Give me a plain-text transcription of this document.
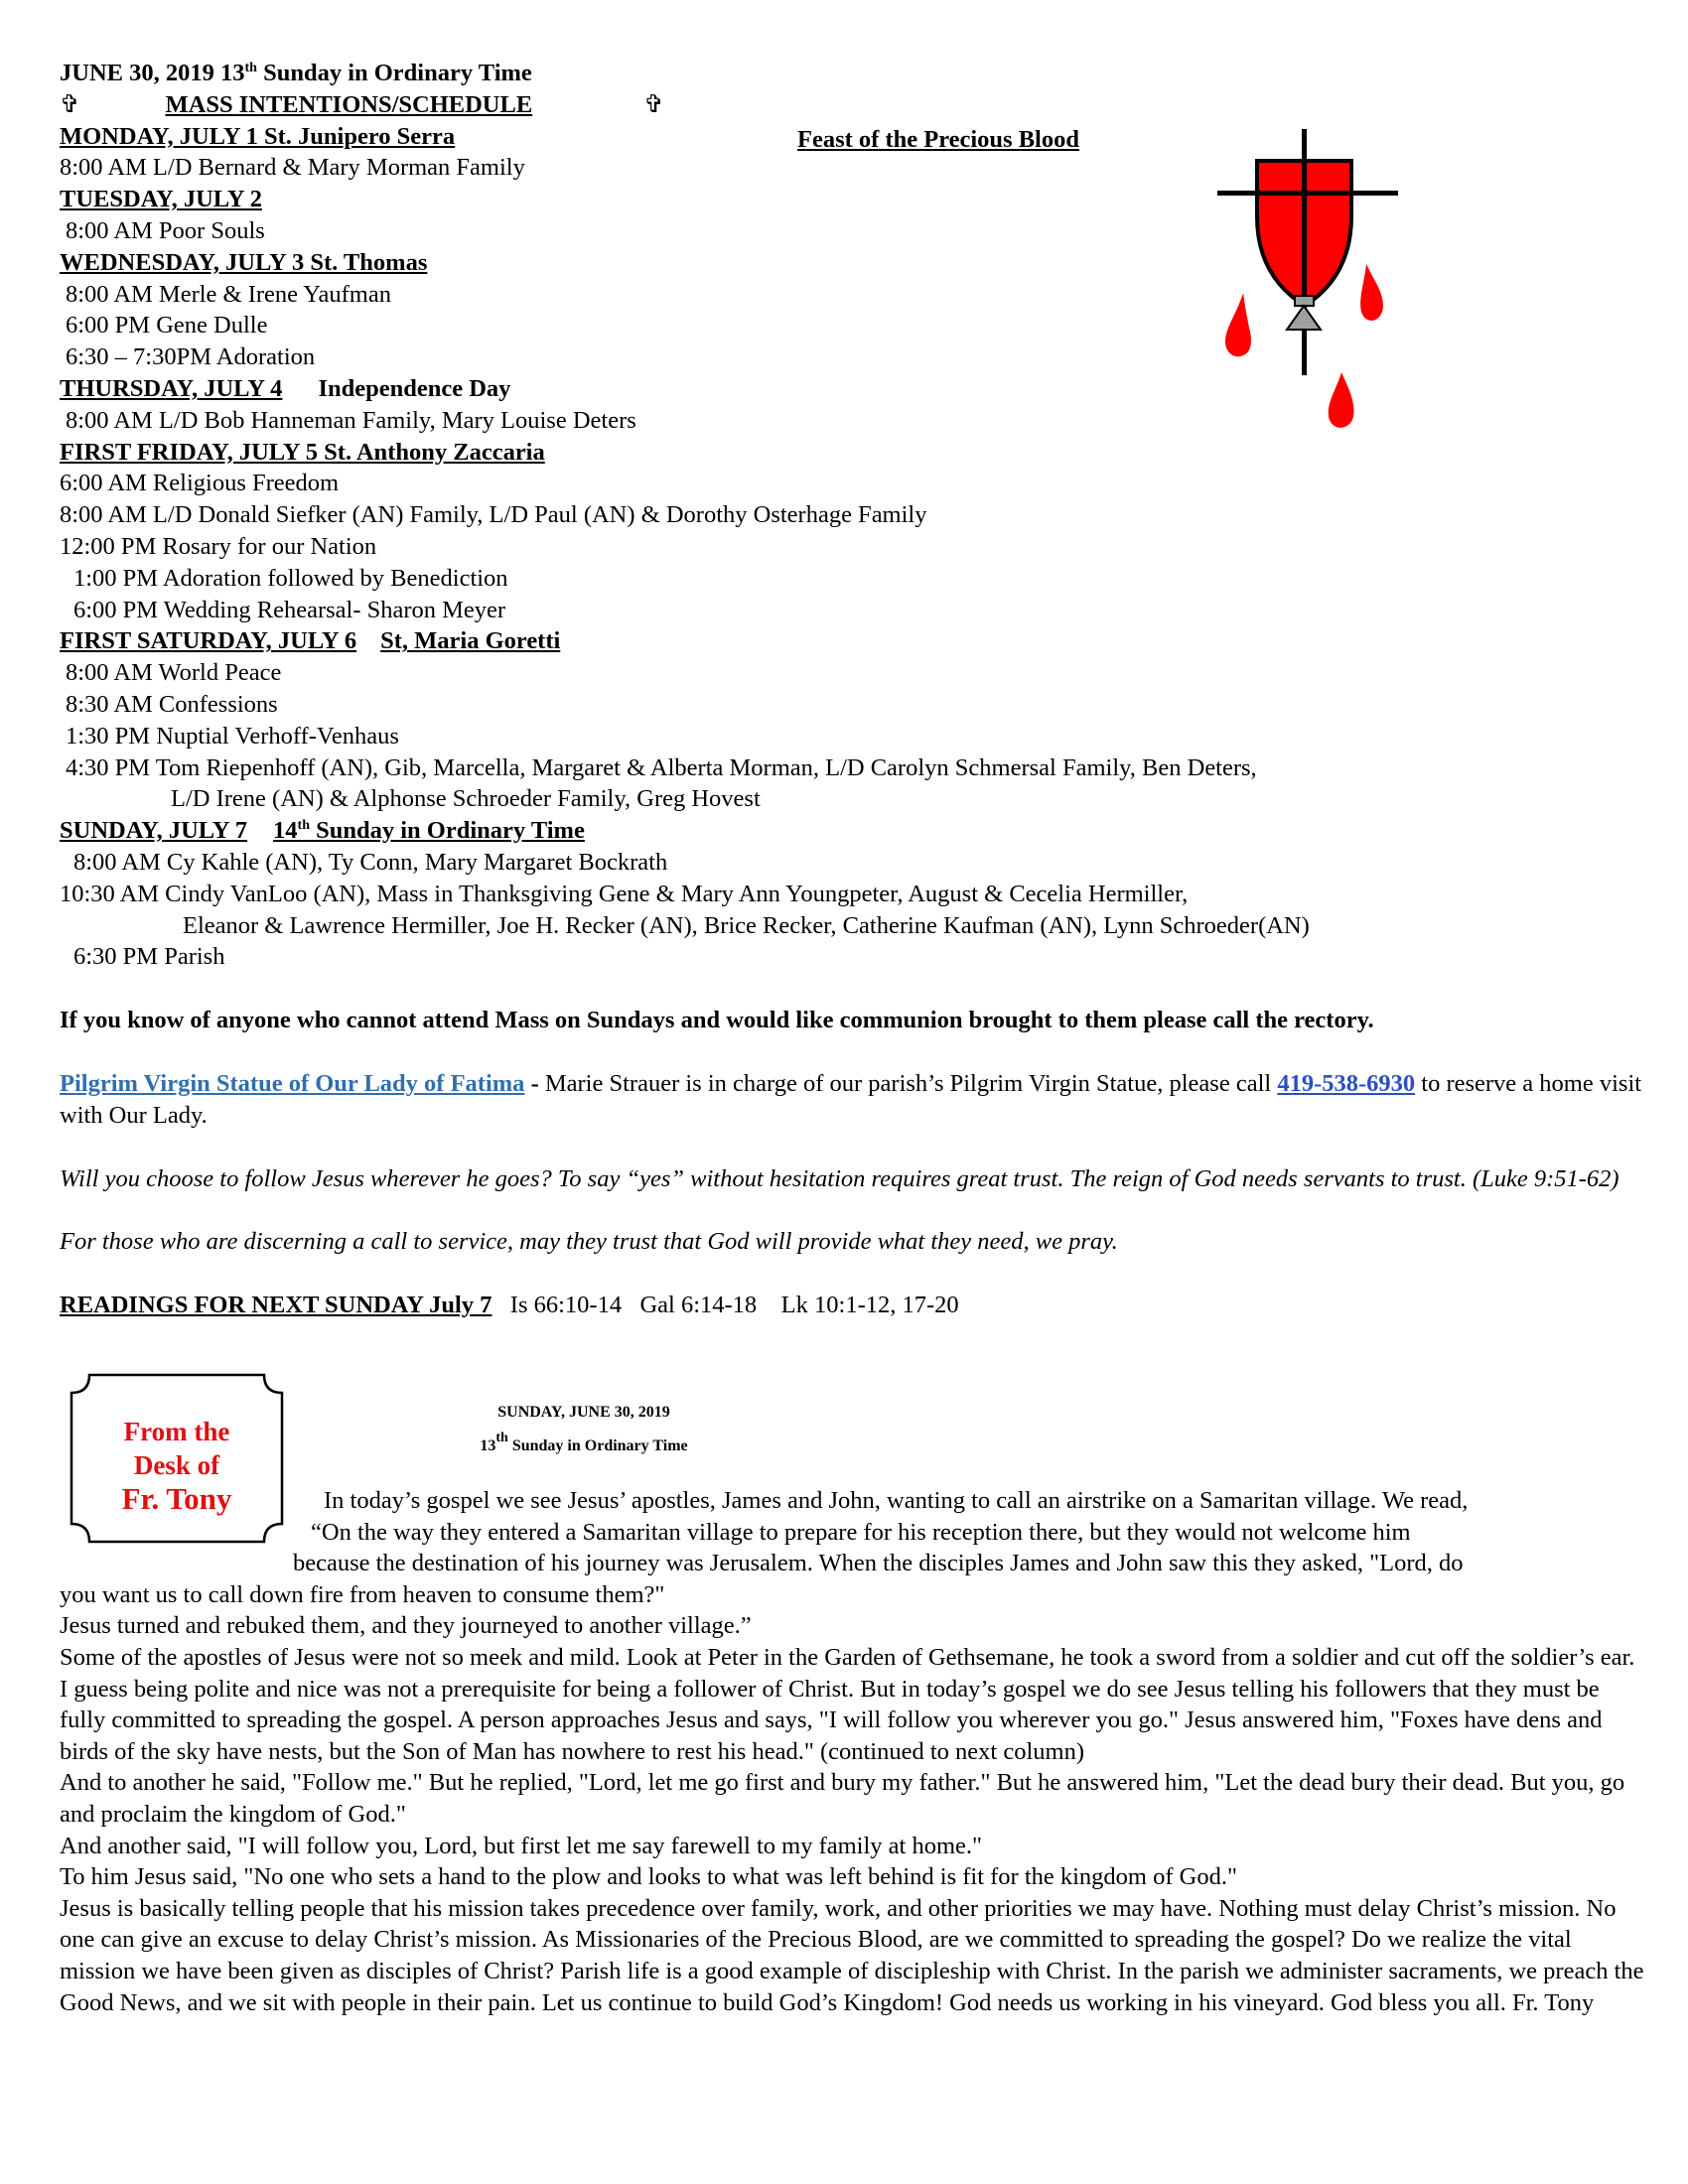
JUNE 30, 2019 13th Sunday in Ordinary Time
✞	MASS INTENTIONS/SCHEDULE	✞
MONDAY, JULY 1 St. Junipero Serra
8:00 AM L/D Bernard & Mary Morman Family
TUESDAY, JULY 2
8:00 AM Poor Souls
WEDNESDAY, JULY 3 St. Thomas
8:00 AM Merle & Irene Yaufman
6:00 PM Gene Dulle
6:30 – 7:30PM Adoration
THURSDAY, JULY 4 Independence Day
8:00 AM L/D Bob Hanneman Family, Mary Louise Deters
FIRST FRIDAY, JULY 5 St. Anthony Zaccaria
6:00 AM Religious Freedom
8:00 AM L/D Donald Siefker (AN) Family, L/D Paul (AN) & Dorothy Osterhage Family
12:00 PM Rosary for our Nation
1:00 PM Adoration followed by Benediction
6:00 PM Wedding Rehearsal- Sharon Meyer
FIRST SATURDAY, JULY 6 St, Maria Goretti
8:00 AM World Peace
8:30 AM Confessions
1:30 PM Nuptial Verhoff-Venhaus
4:30 PM Tom Riepenhoff (AN), Gib, Marcella, Margaret & Alberta Morman, L/D Carolyn Schmersal Family, Ben Deters,
L/D Irene (AN) & Alphonse Schroeder Family, Greg Hovest
SUNDAY, JULY 7 14th Sunday in Ordinary Time
8:00 AM Cy Kahle (AN), Ty Conn, Mary Margaret Bockrath
10:30 AM Cindy VanLoo (AN), Mass in Thanksgiving Gene & Mary Ann Youngpeter, August & Cecelia Hermiller,
Eleanor & Lawrence Hermiller, Joe H. Recker (AN), Brice Recker, Catherine Kaufman (AN), Lynn Schroeder(AN)
6:30 PM Parish
If you know of anyone who cannot attend Mass on Sundays and would like communion brought to them please call the rectory.
Pilgrim Virgin Statue of Our Lady of Fatima - Marie Strauer is in charge of our parish’s Pilgrim Virgin Statue, please call 419-538-6930 to reserve a home visit with Our Lady.
Will you choose to follow Jesus wherever he goes? To say “yes” without hesitation requires great trust. The reign of God needs servants to trust. (Luke 9:51-62)
For those who are discerning a call to service, may they trust that God will provide what they need, we pray.
READINGS FOR NEXT SUNDAY July 7   Is 66:10-14   Gal 6:14-18    Lk 10:1-12, 17-20
Feast of the Precious Blood
From the
Desk of
Fr. Tony
SUNDAY, JUNE 30, 2019
13th Sunday in Ordinary Time
In today’s gospel we see Jesus’ apostles, James and John, wanting to call an airstrike on a Samaritan village. We read,
“On the way they entered a Samaritan village to prepare for his reception there, but they would not welcome him
because the destination of his journey was Jerusalem. When the disciples James and John saw this they asked, "Lord, do
you want us to call down fire from heaven to consume them?"
Jesus turned and rebuked them, and they journeyed to another village.”
Some of the apostles of Jesus were not so meek and mild. Look at Peter in the Garden of Gethsemane, he took a sword from a soldier and cut off the soldier’s ear. I guess being polite and nice was not a prerequisite for being a follower of Christ. But in today’s gospel we do see Jesus telling his followers that they must be fully committed to spreading the gospel. A person approaches Jesus and says, "I will follow you wherever you go." Jesus answered him, "Foxes have dens and birds of the sky have nests, but the Son of Man has nowhere to rest his head." (continued to next column)
And to another he said, "Follow me." But he replied, "Lord, let me go first and bury my father." But he answered him, "Let the dead bury their dead. But you, go and proclaim the kingdom of God."
And another said, "I will follow you, Lord, but first let me say farewell to my family at home."
To him Jesus said, "No one who sets a hand to the plow and looks to what was left behind is fit for the kingdom of God."
Jesus is basically telling people that his mission takes precedence over family, work, and other priorities we may have. Nothing must delay Christ’s mission. No one can give an excuse to delay Christ’s mission. As Missionaries of the Precious Blood, are we committed to spreading the gospel? Do we realize the vital mission we have been given as disciples of Christ? Parish life is a good example of discipleship with Christ. In the parish we administer sacraments, we preach the Good News, and we sit with people in their pain. Let us continue to build God’s Kingdom! God needs us working in his vineyard. God bless you all. Fr. Tony
